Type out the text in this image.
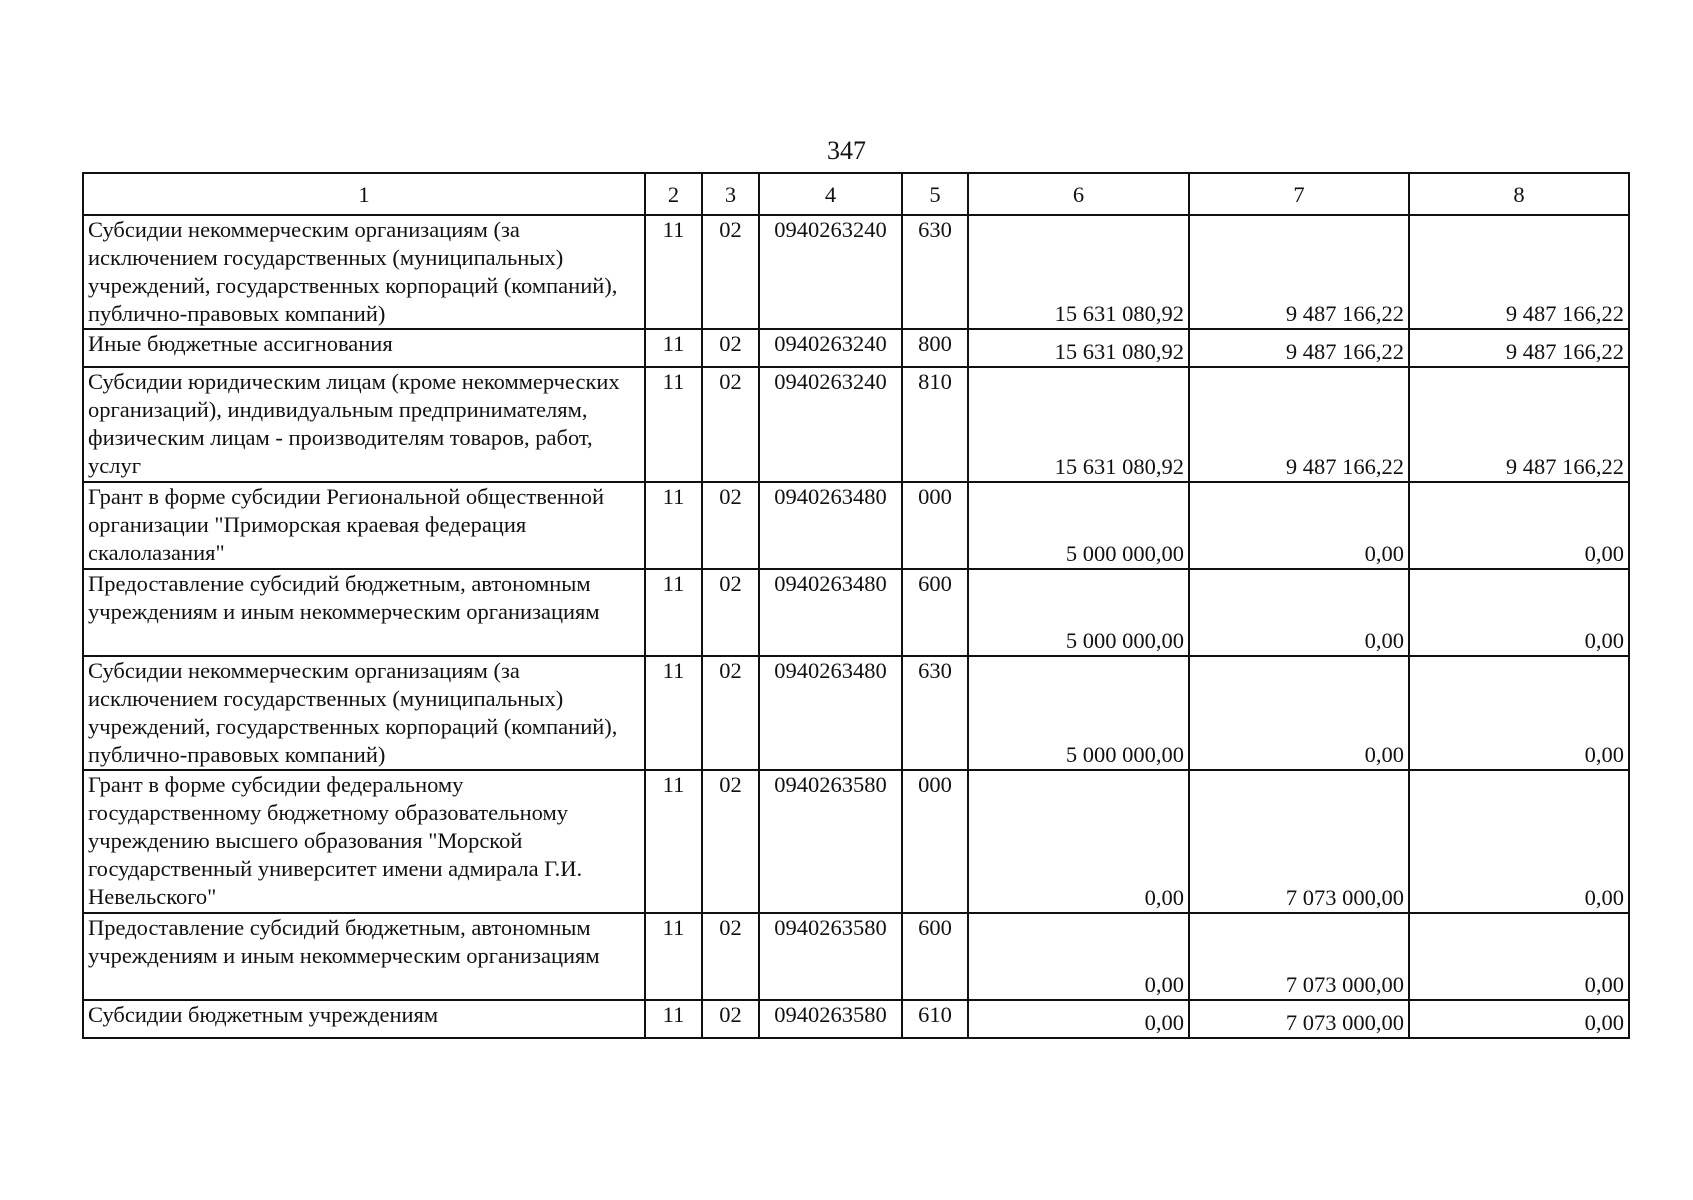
347
1	2	3	4	5	6	7	8
Субсидии некоммерческим организациям (за исключением государственных (муниципальных) учреждений, государственных корпораций (компаний), публично-правовых компаний)	11	02	0940263240	630	15 631 080,92	9 487 166,22	9 487 166,22
Иные бюджетные ассигнования	11	02	0940263240	800	15 631 080,92	9 487 166,22	9 487 166,22
Субсидии юридическим лицам (кроме некоммерческих организаций), индивидуальным предпринимателям, физическим лицам - производителям товаров, работ, услуг	11	02	0940263240	810	15 631 080,92	9 487 166,22	9 487 166,22
Грант в форме субсидии Региональной общественной организации "Приморская краевая федерация скалолазания"	11	02	0940263480	000	5 000 000,00	0,00	0,00
Предоставление субсидий бюджетным, автономным учреждениям и иным некоммерческим организациям	11	02	0940263480	600	5 000 000,00	0,00	0,00
Субсидии некоммерческим организациям (за исключением государственных (муниципальных) учреждений, государственных корпораций (компаний), публично-правовых компаний)	11	02	0940263480	630	5 000 000,00	0,00	0,00
Грант в форме субсидии федеральному государственному бюджетному образовательному учреждению высшего образования "Морской государственный университет имени адмирала Г.И. Невельского"	11	02	0940263580	000	0,00	7 073 000,00	0,00
Предоставление субсидий бюджетным, автономным учреждениям и иным некоммерческим организациям	11	02	0940263580	600	0,00	7 073 000,00	0,00
Субсидии бюджетным учреждениям	11	02	0940263580	610	0,00	7 073 000,00	0,00
